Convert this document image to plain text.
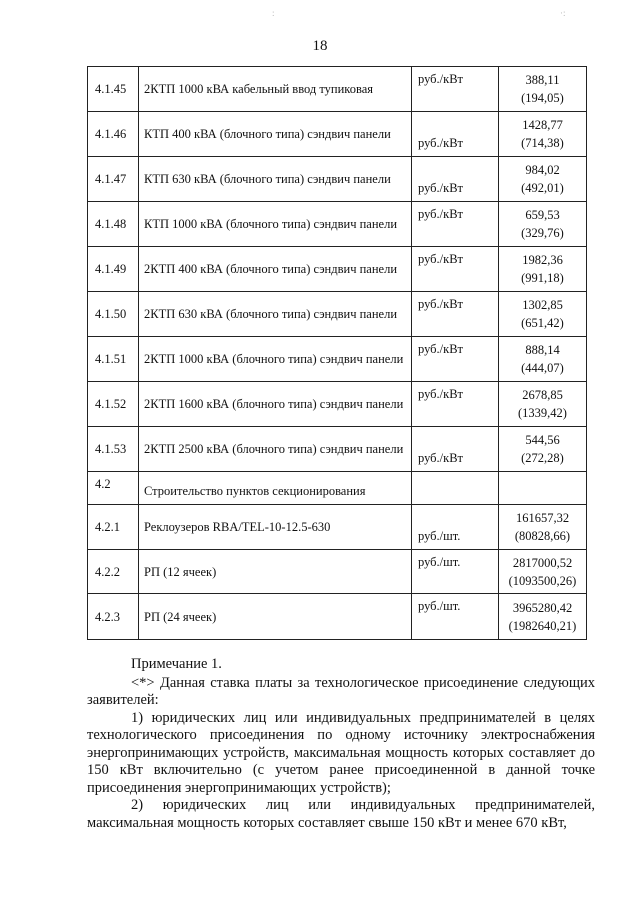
:	·:
18
4.1.45	2КТП 1000 кВА кабельный ввод тупиковая	руб./кВт	388,11
(194,05)

4.1.46	КТП 400 кВА (блочного типа) сэндвич панели	руб./кВт	1428,77
(714,38)

4.1.47	КТП 630 кВА (блочного типа) сэндвич панели	руб./кВт	984,02
(492,01)

4.1.48	КТП 1000 кВА (блочного типа) сэндвич панели	руб./кВт	659,53
(329,76)

4.1.49	2КТП 400 кВА (блочного типа) сэндвич панели	руб./кВт	1982,36
(991,18)

4.1.50	2КТП 630 кВА (блочного типа) сэндвич панели	руб./кВт	1302,85
(651,42)

4.1.51	2КТП 1000 кВА (блочного типа) сэндвич панели	руб./кВт	888,14
(444,07)

4.1.52	2КТП 1600 кВА (блочного типа) сэндвич панели	руб./кВт	2678,85
(1339,42)

4.1.53	2КТП 2500 кВА (блочного типа) сэндвич панели	руб./кВт	544,56
(272,28)

4.2	Строительство пунктов секционирования		

4.2.1	Реклоузеров RBA/TEL-10-12.5-630	руб./шт.	161657,32
(80828,66)

4.2.2	РП (12 ячеек)	руб./шт.	2817000,52
(1093500,26)

4.2.3	РП (24 ячеек)	руб./шт.	3965280,42
(1982640,21)

Примечание 1.

<*> Данная ставка платы за технологическое присоединение следующих заявителей:

1) юридических лиц или индивидуальных предпринимателей в целях технологического присоединения по одному источнику электроснабжения энергопринимающих устройств, максимальная мощность которых составляет до 150 кВт включительно (с учетом ранее присоединенной в данной точке присоединения энергопринимающих устройств);

2) юридических лиц или индивидуальных предпринимателей, максимальная мощность которых составляет свыше 150 кВт и менее 670 кВт,
